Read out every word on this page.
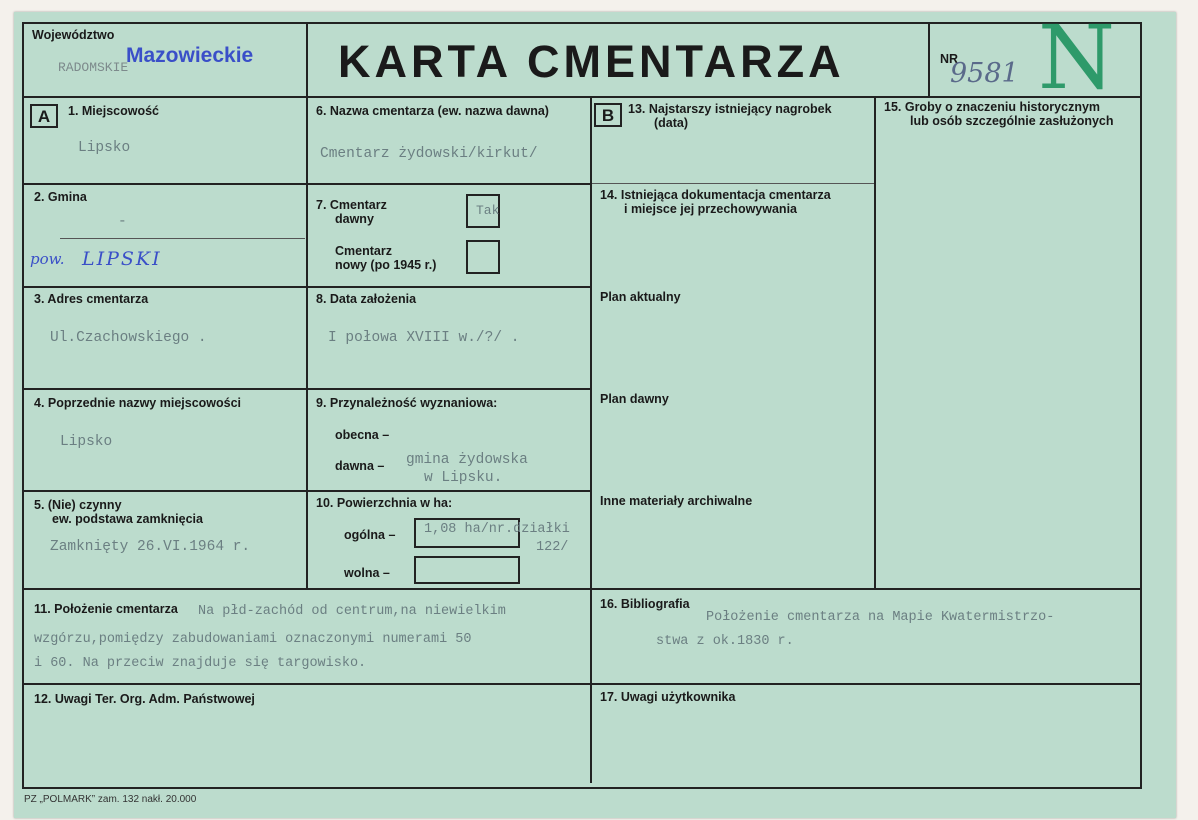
Województwo
RADOMSKIE
Mazowieckie KARTA CMENTARZA	NR
9581 N
A	1. Miejscowość
Lipsko
2. Gmina
-
pow. LIPSKI
3. Adres cmentarza
Ul.Czachowskiego .
4. Poprzednie nazwy miejscowości
Lipsko
5. (Nie) czynny
ew. podstawa zamknięcia
Zamknięty 26.VI.1964 r.
6. Nazwa cmentarza (ew. nazwa dawna)
Cmentarz żydowski/kirkut/
7. Cmentarz
dawny
Tak
Cmentarz
nowy (po 1945 r.)
8. Data założenia
I połowa XVIII w./?/ .
9. Przynależność wyznaniowa:
obecna –
dawna – gmina żydowska
w Lipsku.
10. Powierzchnia w ha:
ogólna – 1,08 ha/nr.działki
122/
wolna –
B	13. Najstarszy istniejący nagrobek
(data)
14. Istniejąca dokumentacja cmentarza
i miejsce jej przechowywania
Plan aktualny
Plan dawny
Inne materiały archiwalne
15. Groby o znaczeniu historycznym
lub osób szczególnie zasłużonych
11. Położenie cmentarza Na płd-zachód od centrum,na niewielkim
wzgórzu,pomiędzy zabudowaniami oznaczonymi numerami 50
i 60. Na przeciw znajduje się targowisko.
16. Bibliografia
Położenie cmentarza na Mapie Kwatermistrzo-
stwa z ok.1830 r.
12. Uwagi Ter. Org. Adm. Państwowej	17. Uwagi użytkownika
PZ „POLMARK” zam. 132 nakł. 20.000
